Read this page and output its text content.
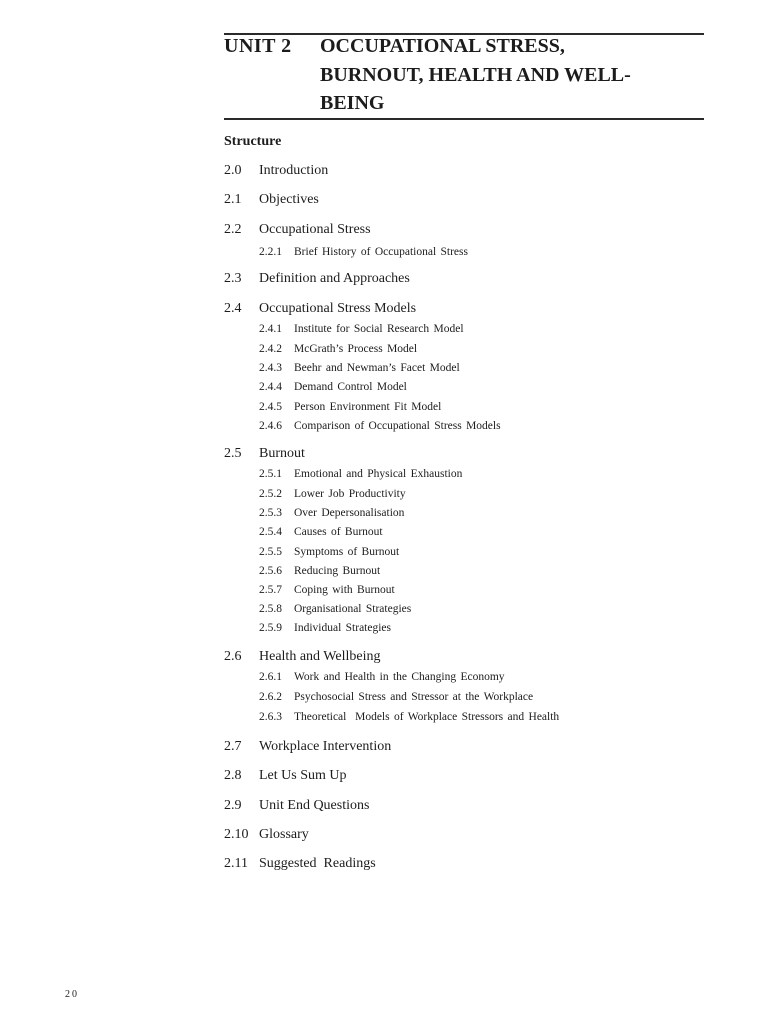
UNIT 2 OCCUPATIONAL STRESS,
BURNOUT, HEALTH AND WELL-
BEING
Structure

2.0

Introduction

2.1

Objectives

2.2

Occupational Stress

2.2.1

Brief History of Occupational Stress

2.3

Definition and Approaches

2.4

Occupational Stress Models

2.4.1

Institute for Social Research Model

2.4.2

McGrath’s Process Model

2.4.3

Beehr and Newman’s Facet Model

2.4.4

Demand Control Model

2.4.5

Person Environment Fit Model

2.4.6

Comparison of Occupational Stress Models

2.5

Burnout

2.5.1

Emotional and Physical Exhaustion

2.5.2

Lower Job Productivity

2.5.3

Over Depersonalisation

2.5.4

Causes of Burnout

2.5.5

Symptoms of Burnout

2.5.6

Reducing Burnout

2.5.7

Coping with Burnout

2.5.8

Organisational Strategies

2.5.9

Individual Strategies

2.6

Health and Wellbeing

2.6.1

Work and Health in the Changing Economy

2.6.2

Psychosocial Stress and Stressor at the Workplace

2.6.3

Theoretical  Models of Workplace Stressors and Health

2.7

Workplace Intervention

2.8

Let Us Sum Up

2.9

Unit End Questions

2.10

Glossary

2.11

Suggested  Readings

20
